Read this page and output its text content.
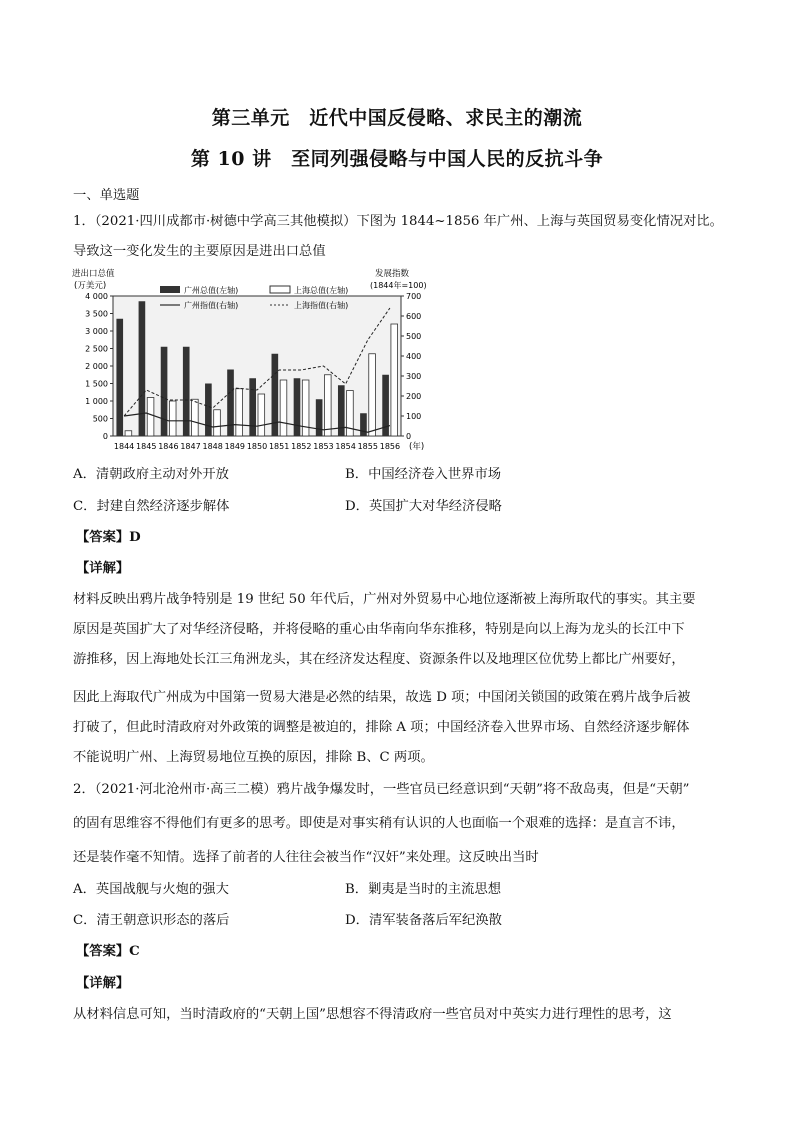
第三单元　近代中国反侵略、求民主的潮流
第 10 讲　至同列强侵略与中国人民的反抗斗争
一、单选题
1．（2021·四川成都市·树德中学高三其他模拟）下图为 1844~1856 年广州、上海与英国贸易变化情况对比。
导致这一变化发生的主要原因是进出口总值
进出口总值
(万美元)
发展指数
(1844年=100)
4 000
3 500
3 000
2 500
2 000
1 500
1 000
500
0
700
600
500
400
300
200
100
0
广州总值(左轴)	上海总值(左轴)
广州指值(右轴)	上海指值(右轴)
1844 1845 1846 1847 1848 1849 1850 1851 1852 1853 1854 1855 1856 (年)
A．清朝政府主动对外开放	B．中国经济卷入世界市场
C．封建自然经济逐步解体	D．英国扩大对华经济侵略
【答案】D
【详解】
材料反映出鸦片战争特别是 19 世纪 50 年代后，广州对外贸易中心地位逐渐被上海所取代的事实。其主要
原因是英国扩大了对华经济侵略，并将侵略的重心由华南向华东推移，特别是向以上海为龙头的长江中下
游推移，因上海地处长江三角洲龙头，其在经济发达程度、资源条件以及地理区位优势上都比广州要好，
因此上海取代广州成为中国第一贸易大港是必然的结果，故选 D 项；中国闭关锁国的政策在鸦片战争后被
打破了，但此时清政府对外政策的调整是被迫的，排除 A 项；中国经济卷入世界市场、自然经济逐步解体
不能说明广州、上海贸易地位互换的原因，排除 B、C 两项。
2．（2021·河北沧州市·高三二模）鸦片战争爆发时，一些官员已经意识到“天朝”将不敌岛夷，但是“天朝”
的固有思维容不得他们有更多的思考。即使是对事实稍有认识的人也面临一个艰难的选择：是直言不讳，
还是装作毫不知情。选择了前者的人往往会被当作“汉奸”来处理。这反映出当时
A．英国战舰与火炮的强大	B．剿夷是当时的主流思想
C．清王朝意识形态的落后	D．清军装备落后军纪涣散
【答案】C
【详解】
从材料信息可知，当时清政府的“天朝上国”思想容不得清政府一些官员对中英实力进行理性的思考，这
